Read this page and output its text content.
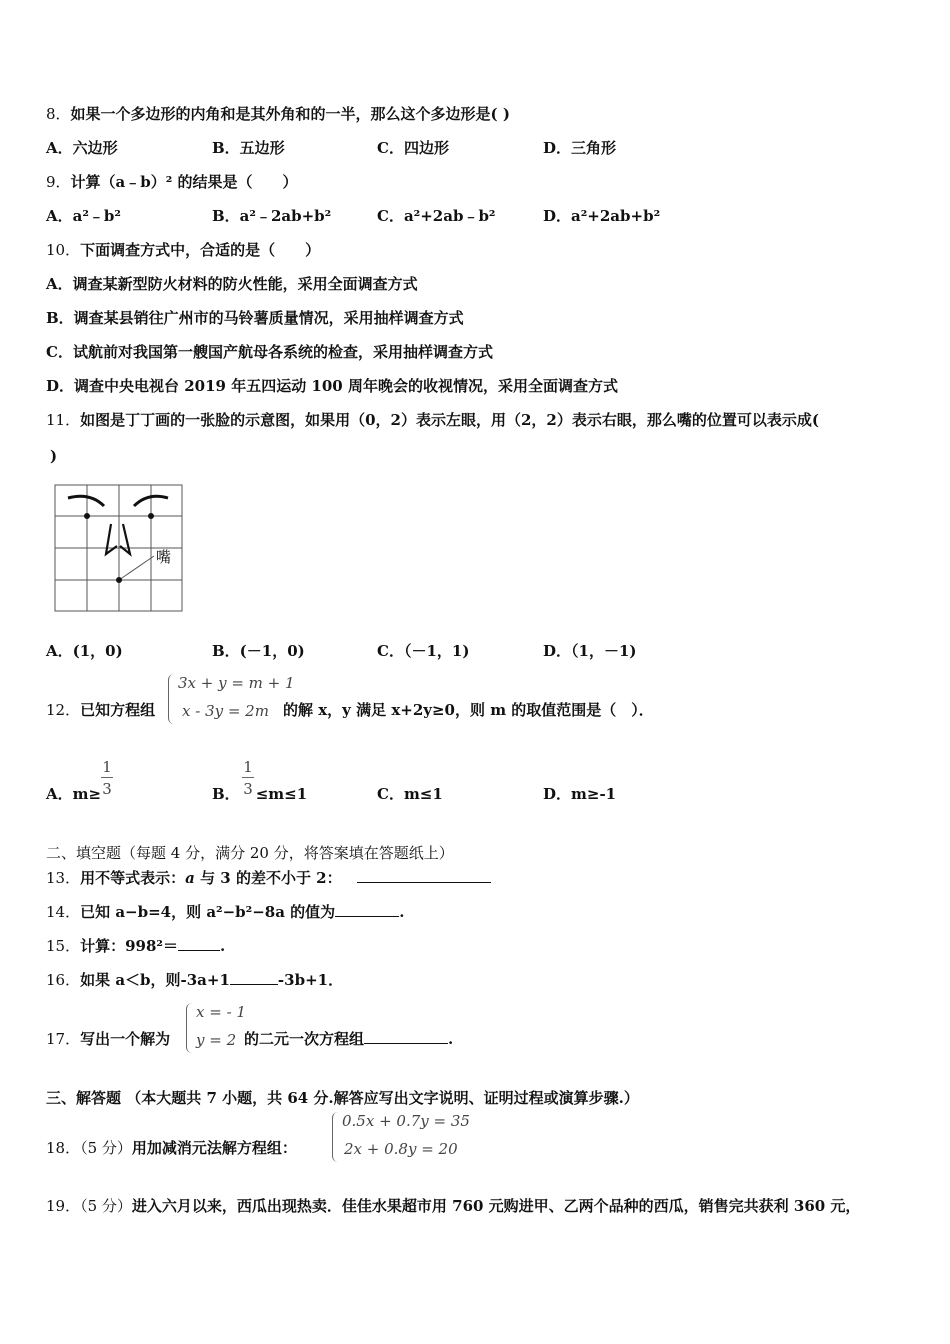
8．如果一个多边形的内角和是其外角和的一半，那么这个多边形是( )
A．六边形	B．五边形	C．四边形	D．三角形
9．计算（a﹣b）² 的结果是（　　）
A．a²﹣b²	B．a²﹣2ab+b²	C．a²+2ab﹣b²	D．a²+2ab+b²
10．下面调查方式中，合适的是（　　）
A．调查某新型防火材料的防火性能，采用全面调查方式
B．调查某县销往广州市的马铃薯质量情况，采用抽样调查方式
C．试航前对我国第一艘国产航母各系统的检查，采用抽样调查方式
D．调查中央电视台 2019 年五四运动 100 周年晚会的收视情况，采用全面调查方式
11．如图是丁丁画的一张脸的示意图，如果用（0，2）表示左眼，用（2，2）表示右眼，那么嘴的位置可以表示成(
)
嘴
A．(1，0)	B．(－1，0)	C．（－1，1)	D．（1，－1)
12．已知方程组
3x + y = m + 1
x - 3y = 2m 的解 x，y 满足 x+2y≥0，则 m 的取值范围是（　）．
A．m≥	B． ≤m≤1	C．m≤1	D．m≥-1
1
3
1
3
二、填空题（每题 4 分，满分 20 分，将答案填在答题纸上）
13．用不等式表示：a 与 3 的差不小于 2：
14．已知 a−b=4，则 a²−b²−8a 的值为	.
15．计算：998²＝	.
16．如果 a＜b，则-3a+1	-3b+1．
17．写出一个解为
x = - 1
y = 2 的二元一次方程组	.
三、解答题 （本大题共 7 小题，共 64 分.解答应写出文字说明、证明过程或演算步骤.）
18．（5 分）用加减消元法解方程组：
0.5x + 0.7y = 35
2x + 0.8y = 20
19．（5 分）进入六月以来，西瓜出现热卖．佳佳水果超市用 760 元购进甲、乙两个品种的西瓜，销售完共获利 360 元，
